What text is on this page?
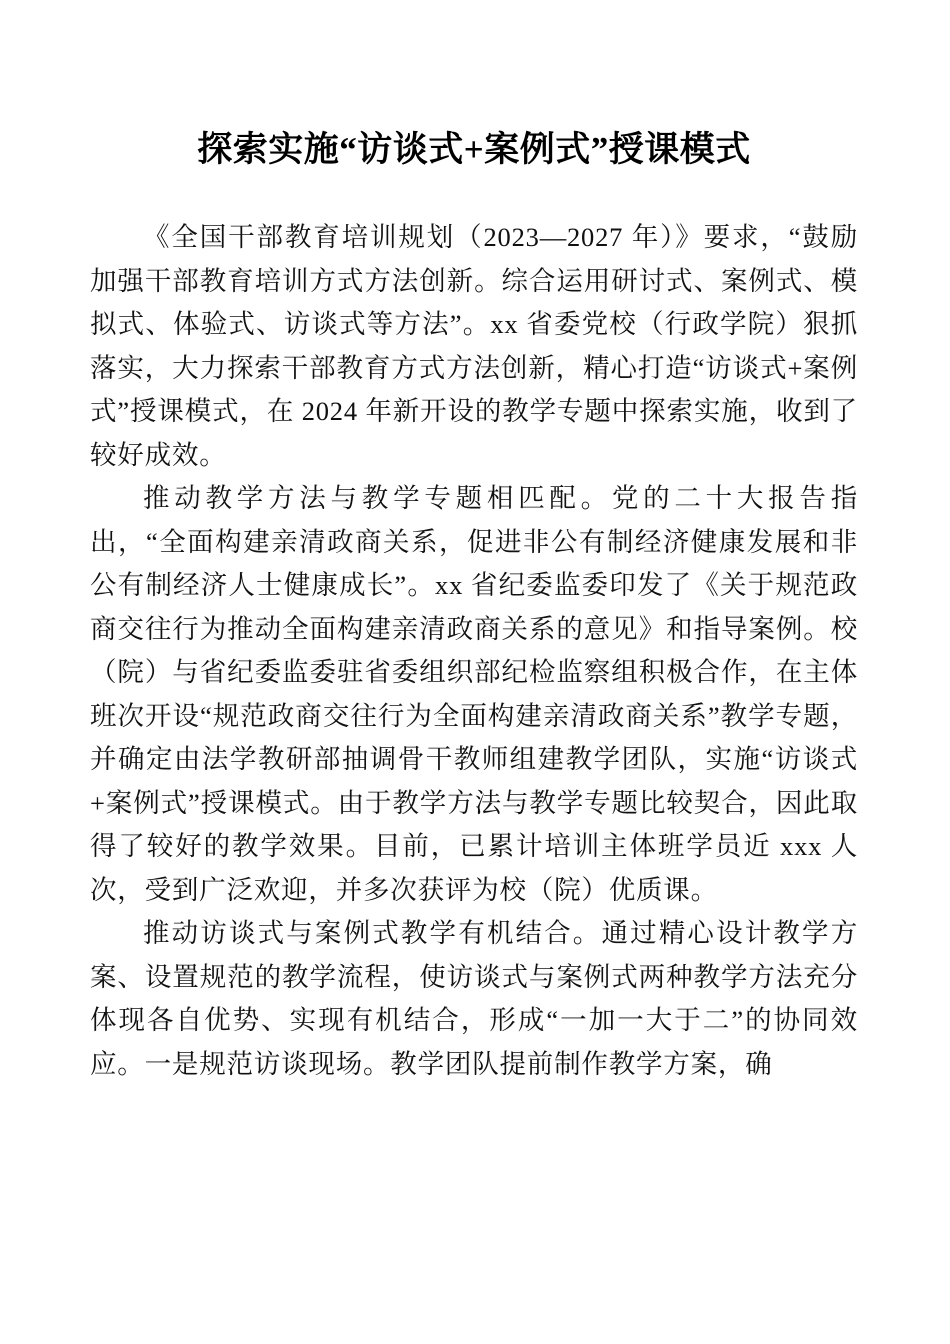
探索实施“访谈式+案例式”授课模式

《全国干部教育培训规划（2023—2027 年）》要求，“鼓励加强干部教育培训方式方法创新。综合运用研讨式、案例式、模拟式、体验式、访谈式等方法”。xx 省委党校（行政学院）狠抓落实，大力探索干部教育方式方法创新，精心打造“访谈式+案例式”授课模式，在 2024 年新开设的教学专题中探索实施，收到了较好成效。

推动教学方法与教学专题相匹配。党的二十大报告指出，“全面构建亲清政商关系，促进非公有制经济健康发展和非公有制经济人士健康成长”。xx 省纪委监委印发了《关于规范政商交往行为推动全面构建亲清政商关系的意见》和指导案例。校（院）与省纪委监委驻省委组织部纪检监察组积极合作，在主体班次开设“规范政商交往行为全面构建亲清政商关系”教学专题，并确定由法学教研部抽调骨干教师组建教学团队，实施“访谈式+案例式”授课模式。由于教学方法与教学专题比较契合，因此取得了较好的教学效果。目前，已累计培训主体班学员近 xxx 人次，受到广泛欢迎，并多次获评为校（院）优质课。

推动访谈式与案例式教学有机结合。通过精心设计教学方案、设置规范的教学流程，使访谈式与案例式两种教学方法充分体现各自优势、实现有机结合，形成“一加一大于二”的协同效应。一是规范访谈现场。教学团队提前制作教学方案，确
